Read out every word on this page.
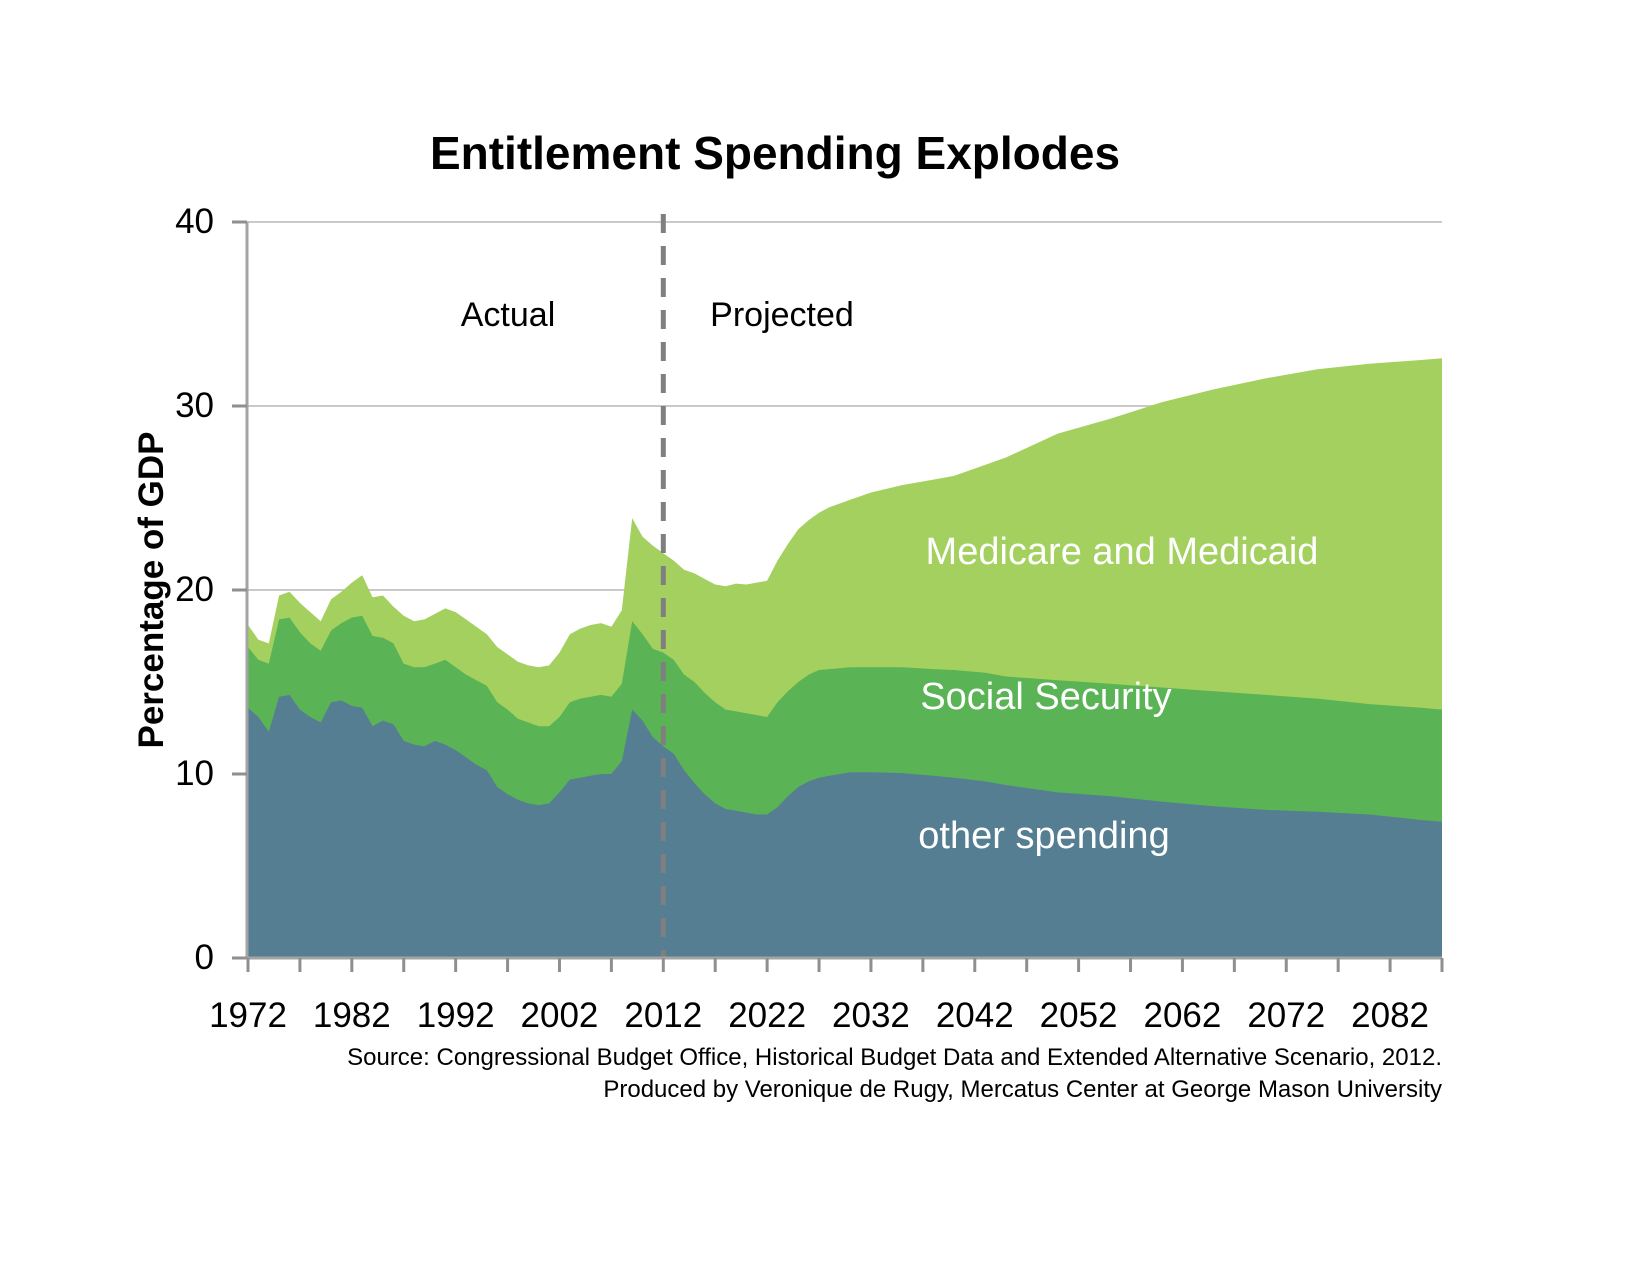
Entitlement Spending Explodes
Percentage of GDP
Actual	Projected
Medicare and Medicaid
Social Security
other spending
Source: Congressional Budget Office, Historical Budget Data and Extended Alternative Scenario, 2012.
Produced by Veronique de Rugy, Mercatus Center at George Mason University
0
10
20
30
40
1972 1982 1992 2002 2012 2022 2032 2042 2052 2062 2072 2082
